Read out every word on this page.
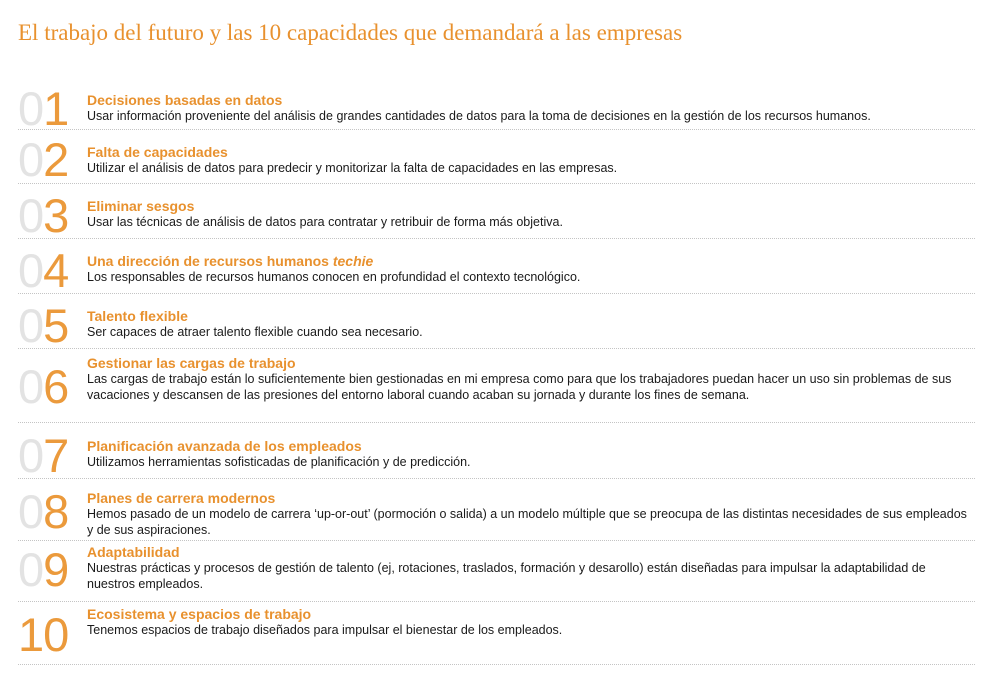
El trabajo del futuro y las 10 capacidades que demandará a las empresas
01 Decisiones basadas en datos
Usar información proveniente del análisis de grandes cantidades de datos para la toma de decisiones en la gestión de los recursos humanos.
02 Falta de capacidades
Utilizar el análisis de datos para predecir y monitorizar la falta de capacidades en las empresas.
03 Eliminar sesgos
Usar las técnicas de análisis de datos para contratar y retribuir de forma más objetiva.
04 Una dirección de recursos humanos techie
Los responsables de recursos humanos conocen en profundidad el contexto tecnológico.
05 Talento flexible
Ser capaces de atraer talento flexible cuando sea necesario.
06 Gestionar las cargas de trabajo
Las cargas de trabajo están lo suficientemente bien gestionadas en mi empresa como para que los trabajadores puedan hacer un uso sin problemas de sus vacaciones y descansen de las presiones del entorno laboral cuando acaban su jornada y durante los fines de semana.
07 Planificación avanzada de los empleados
Utilizamos herramientas sofisticadas de planificación y de predicción.
08 Planes de carrera modernos
Hemos pasado de un modelo de carrera ‘up-or-out’ (pormoción o salida) a un modelo múltiple que se preocupa de las distintas necesidades de sus empleados y de sus aspiraciones.
09 Adaptabilidad
Nuestras prácticas y procesos de gestión de talento (ej, rotaciones, traslados, formación y desarollo) están diseñadas para impulsar la adaptabilidad de nuestros empleados.
10 Ecosistema y espacios de trabajo
Tenemos espacios de trabajo diseñados para impulsar el bienestar de los empleados.
